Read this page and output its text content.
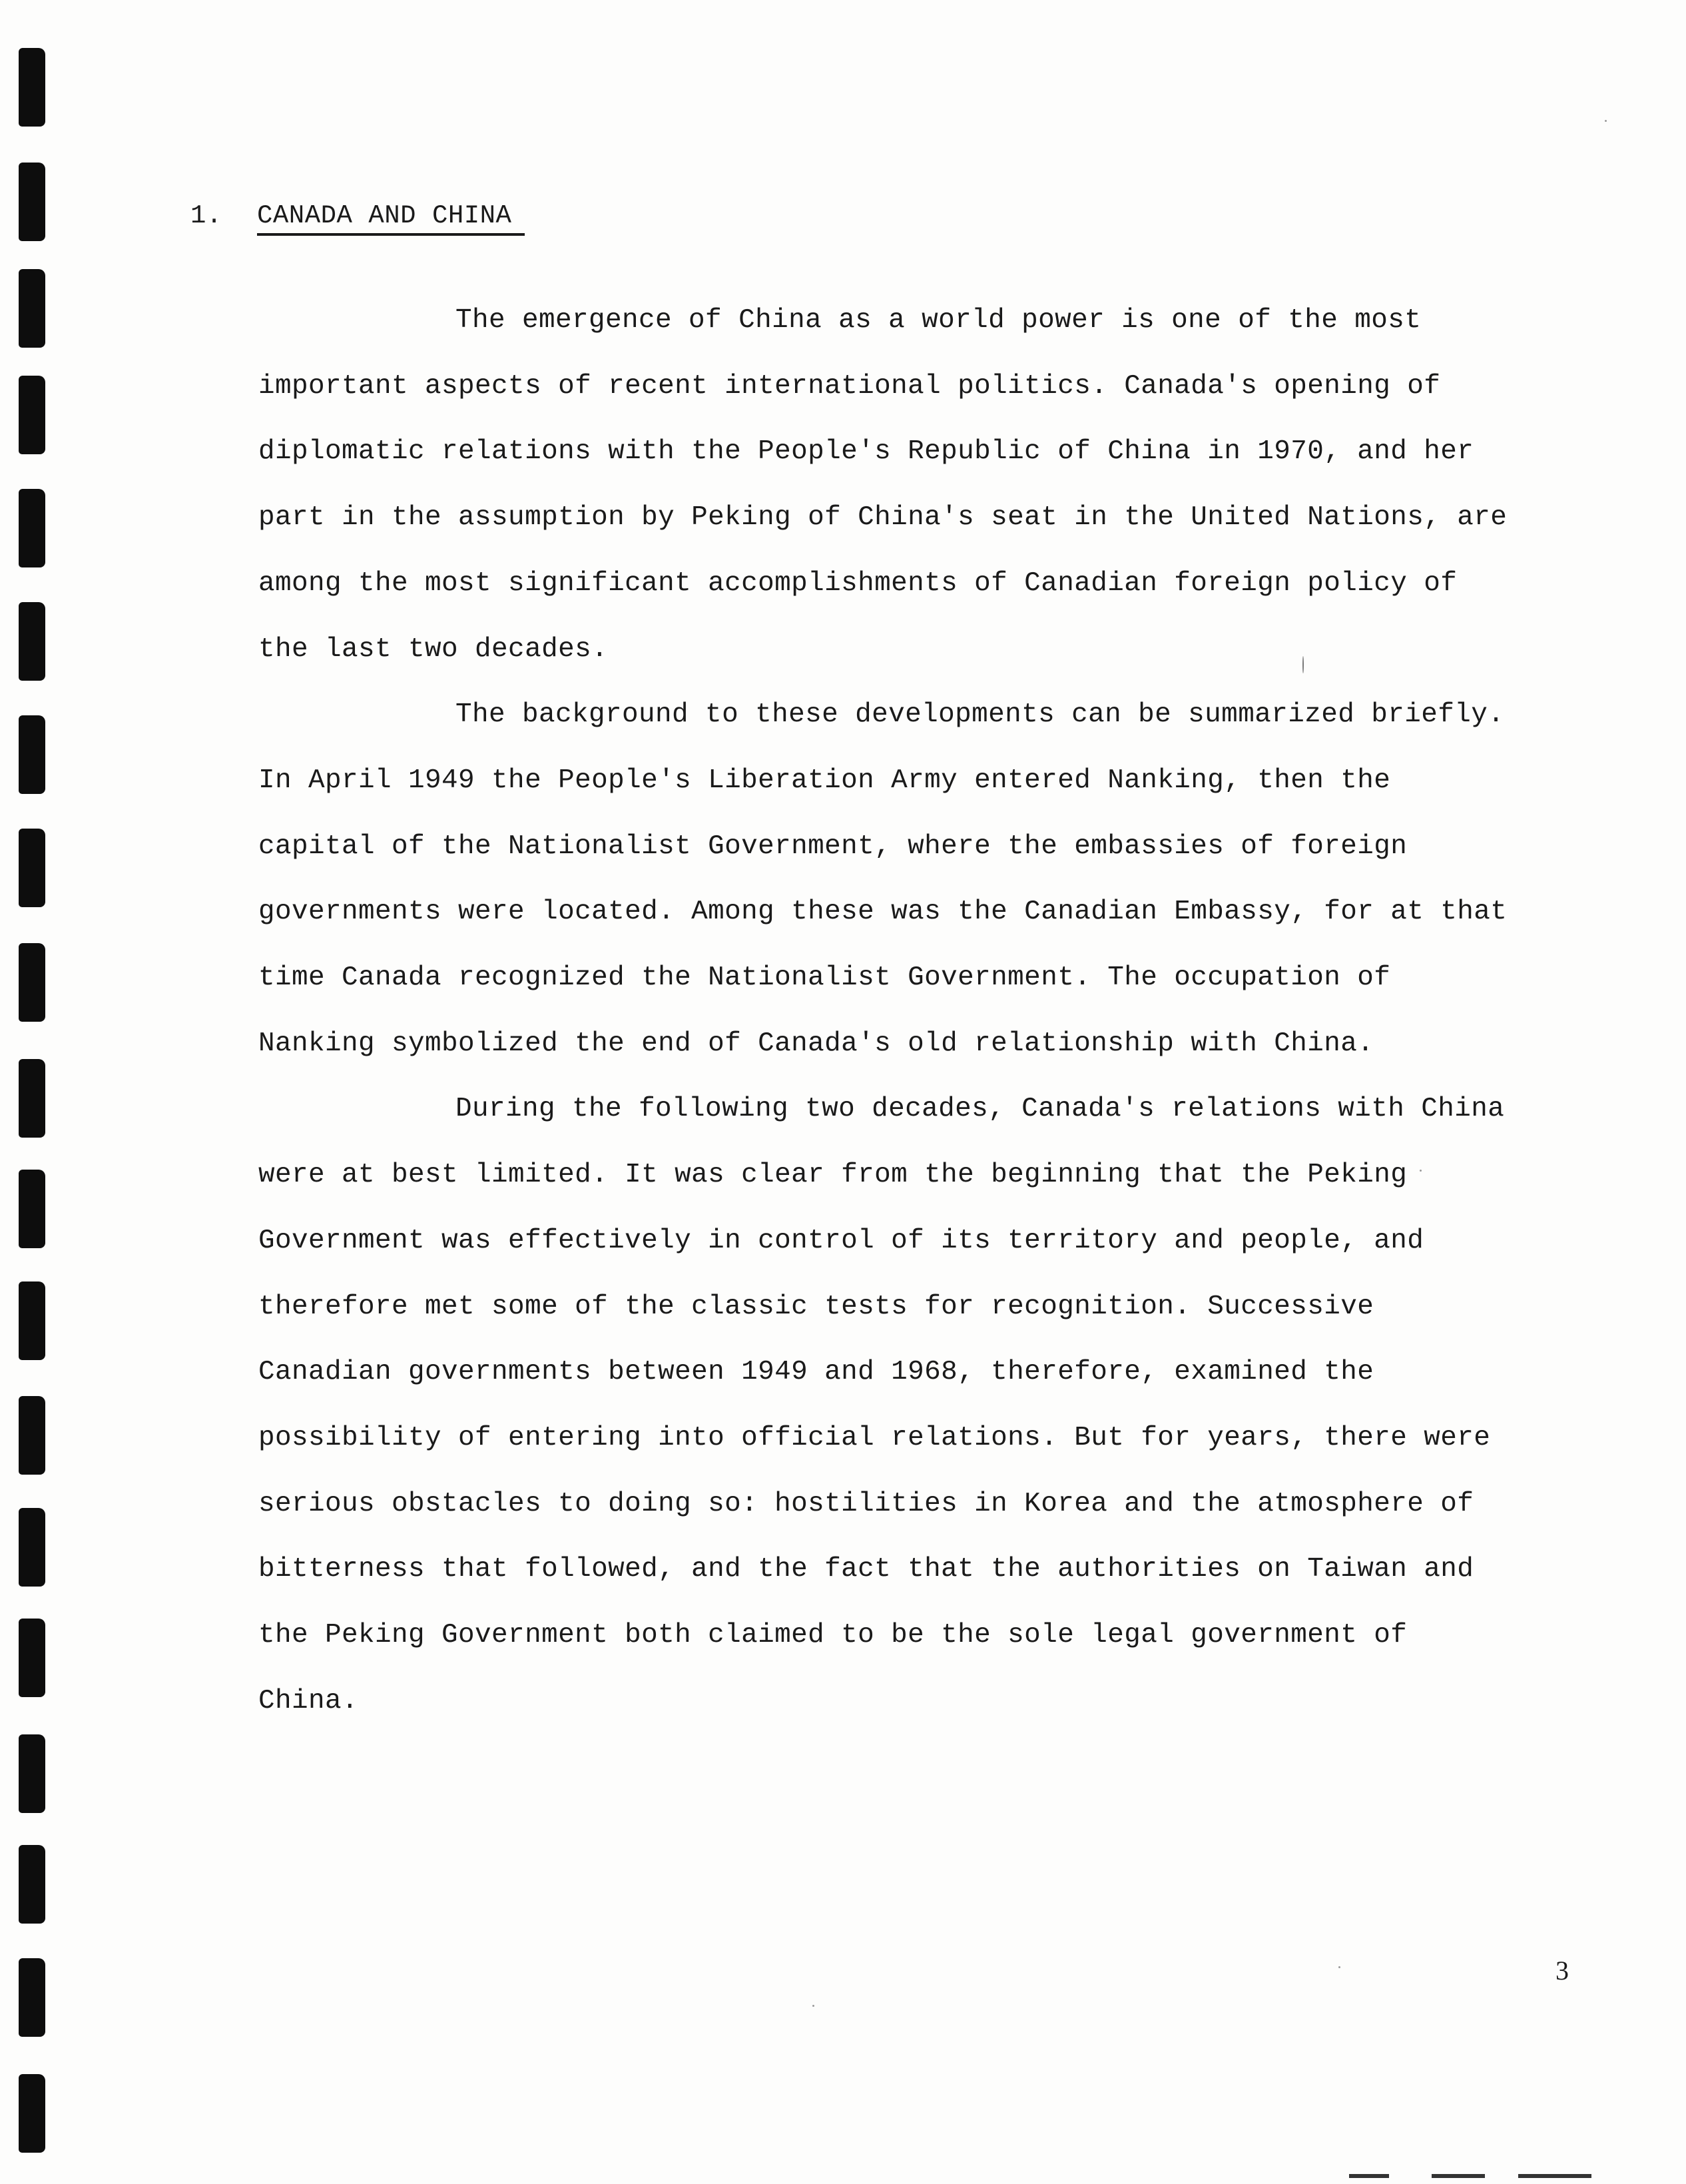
1.

CANADA AND CHINA

The emergence of China as a world power is one of the most important aspects of recent international politics. Canada's opening of diplomatic relations with the People's Republic of China in 1970, and her part in the assumption by Peking of China's seat in the United Nations, are among the most significant accomplishments of Canadian foreign policy of the last two decades.

The background to these developments can be summarized briefly. In April 1949 the People's Liberation Army entered Nanking, then the capital of the Nationalist Government, where the embassies of foreign governments were located. Among these was the Canadian Embassy, for at that time Canada recognized the Nationalist Government. The occupation of Nanking symbolized the end of Canada's old relationship with China.

During the following two decades, Canada's relations with China were at best limited. It was clear from the beginning that the Peking Government was effectively in control of its territory and people, and therefore met some of the classic tests for recognition. Successive Canadian governments between 1949 and 1968, therefore, examined the possibility of entering into official relations. But for years, there were serious obstacles to doing so: hostilities in Korea and the atmosphere of bitterness that followed, and the fact that the authorities on Taiwan and the Peking Government both claimed to be the sole legal government of China.

3
